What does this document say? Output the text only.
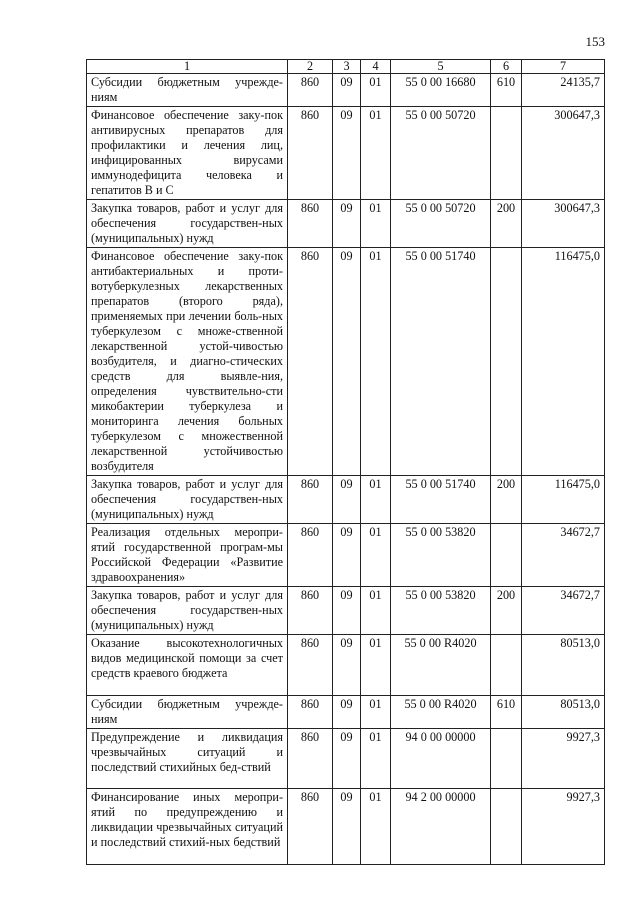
153
1	2	3	4	5	6	7
Субсидии бюджетным учрежде-ниям	860	09	01	55 0 00 16680	610	24135,7
Финансовое обеспечение заку-пок антивирусных препаратов для профилактики и лечения лиц, инфицированных вирусами иммунодефицита человека и гепатитов В и С	860	09	01	55 0 00 50720		300647,3
Закупка товаров, работ и услуг для обеспечения государствен-ных (муниципальных) нужд	860	09	01	55 0 00 50720	200	300647,3
Финансовое обеспечение заку-пок антибактериальных и проти-вотуберкулезных лекарственных препаратов (второго ряда), применяемых при лечении боль-ных туберкулезом с множе-ственной лекарственной устой-чивостью возбудителя, и диагно-стических средств для выявле-ния, определения чувствительно-сти микобактерии туберкулеза и мониторинга лечения больных туберкулезом с множественной лекарственной устойчивостью возбудителя	860	09	01	55 0 00 51740		116475,0
Закупка товаров, работ и услуг для обеспечения государствен-ных (муниципальных) нужд	860	09	01	55 0 00 51740	200	116475,0
Реализация отдельных меропри-ятий государственной програм-мы Российской Федерации «Развитие здравоохранения»	860	09	01	55 0 00 53820		34672,7
Закупка товаров, работ и услуг для обеспечения государствен-ных (муниципальных) нужд	860	09	01	55 0 00 53820	200	34672,7
Оказание высокотехнологичных видов медицинской помощи за счет средств краевого бюджета	860	09	01	55 0 00 R4020		80513,0
Субсидии бюджетным учрежде-ниям	860	09	01	55 0 00 R4020	610	80513,0
Предупреждение и ликвидация чрезвычайных ситуаций и последствий стихийных бед-ствий	860	09	01	94 0 00 00000		9927,3
Финансирование иных меропри-ятий по предупреждению и ликвидации чрезвычайных ситуаций и последствий стихий-ных бедствий	860	09	01	94 2 00 00000		9927,3
